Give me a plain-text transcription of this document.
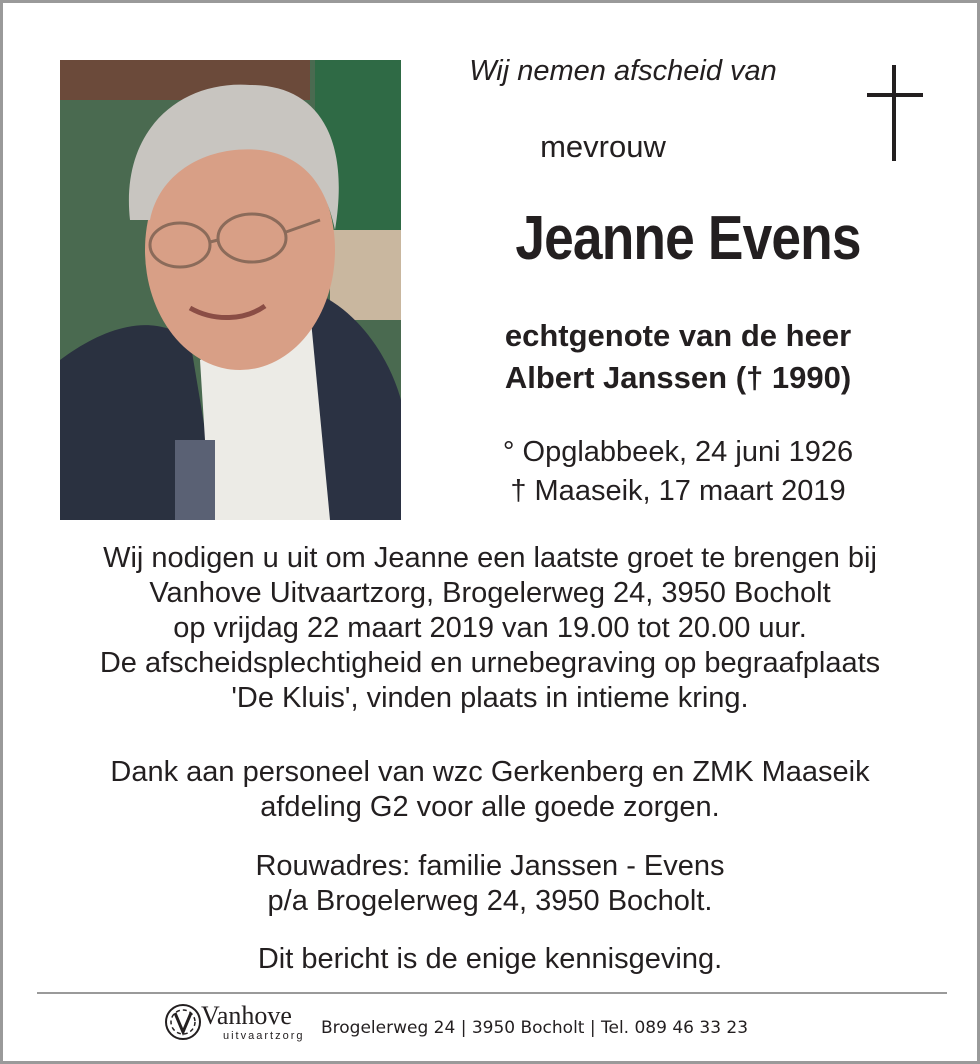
Wij nemen afscheid van
mevrouw
Jeanne Evens
echtgenote van de heer
Albert Janssen († 1990)
° Opglabbeek, 24 juni 1926
† Maaseik, 17 maart 2019
Wij nodigen u uit om Jeanne een laatste groet te brengen bij
Vanhove Uitvaartzorg, Brogelerweg 24, 3950 Bocholt
op vrijdag 22 maart 2019 van 19.00 tot 20.00 uur.
De afscheidsplechtigheid en urnebegraving op begraafplaats
'De Kluis', vinden plaats in intieme kring.
Dank aan personeel van wzc Gerkenberg en ZMK Maaseik
afdeling G2 voor alle goede zorgen.
Rouwadres: familie Janssen - Evens
p/a Brogelerweg 24, 3950 Bocholt.
Dit bericht is de enige kennisgeving.
Vanhove
uitvaartzorg Brogelerweg 24 | 3950 Bocholt | Tel. 089 46 33 23
